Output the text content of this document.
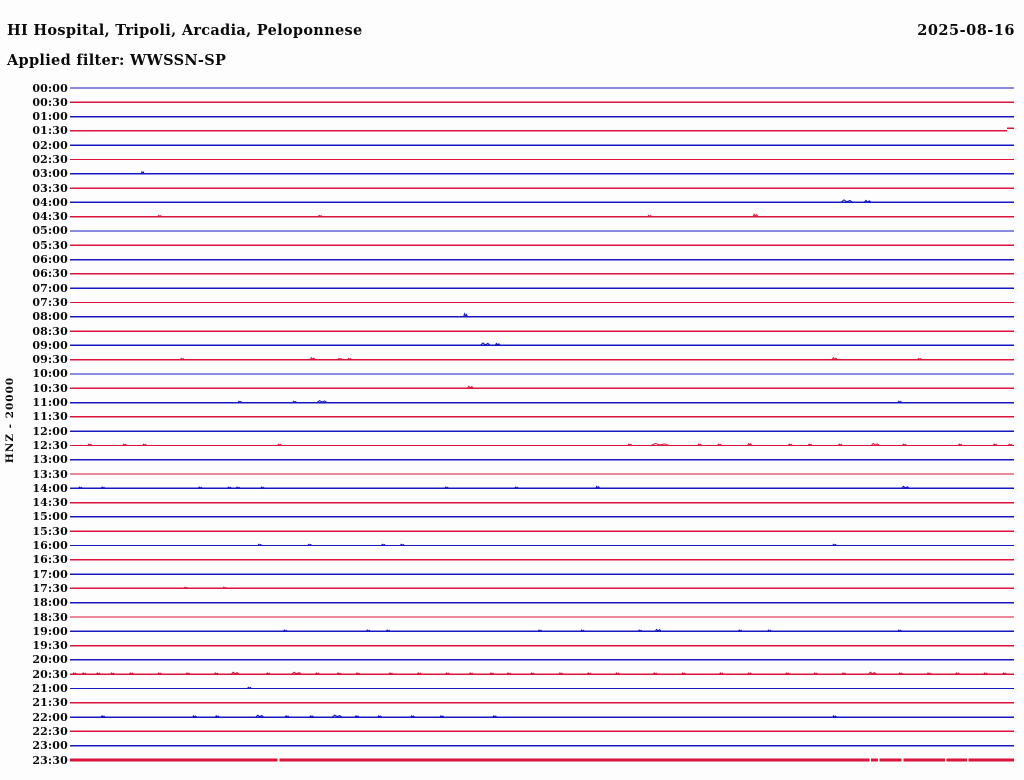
HI Hospital, Tripoli, Arcadia, Peloponnese	2025-08-16
Applied filter: WWSSN-SP
HNZ - 20000
00:00
00:30
01:00
01:30
02:00
02:30
03:00
03:30
04:00
04:30
05:00
05:30
06:00
06:30
07:00
07:30
08:00
08:30
09:00
09:30
10:00
10:30
11:00
11:30
12:00
12:30
13:00
13:30
14:00
14:30
15:00
15:30
16:00
16:30
17:00
17:30
18:00
18:30
19:00
19:30
20:00
20:30
21:00
21:30
22:00
22:30
23:00
23:30
